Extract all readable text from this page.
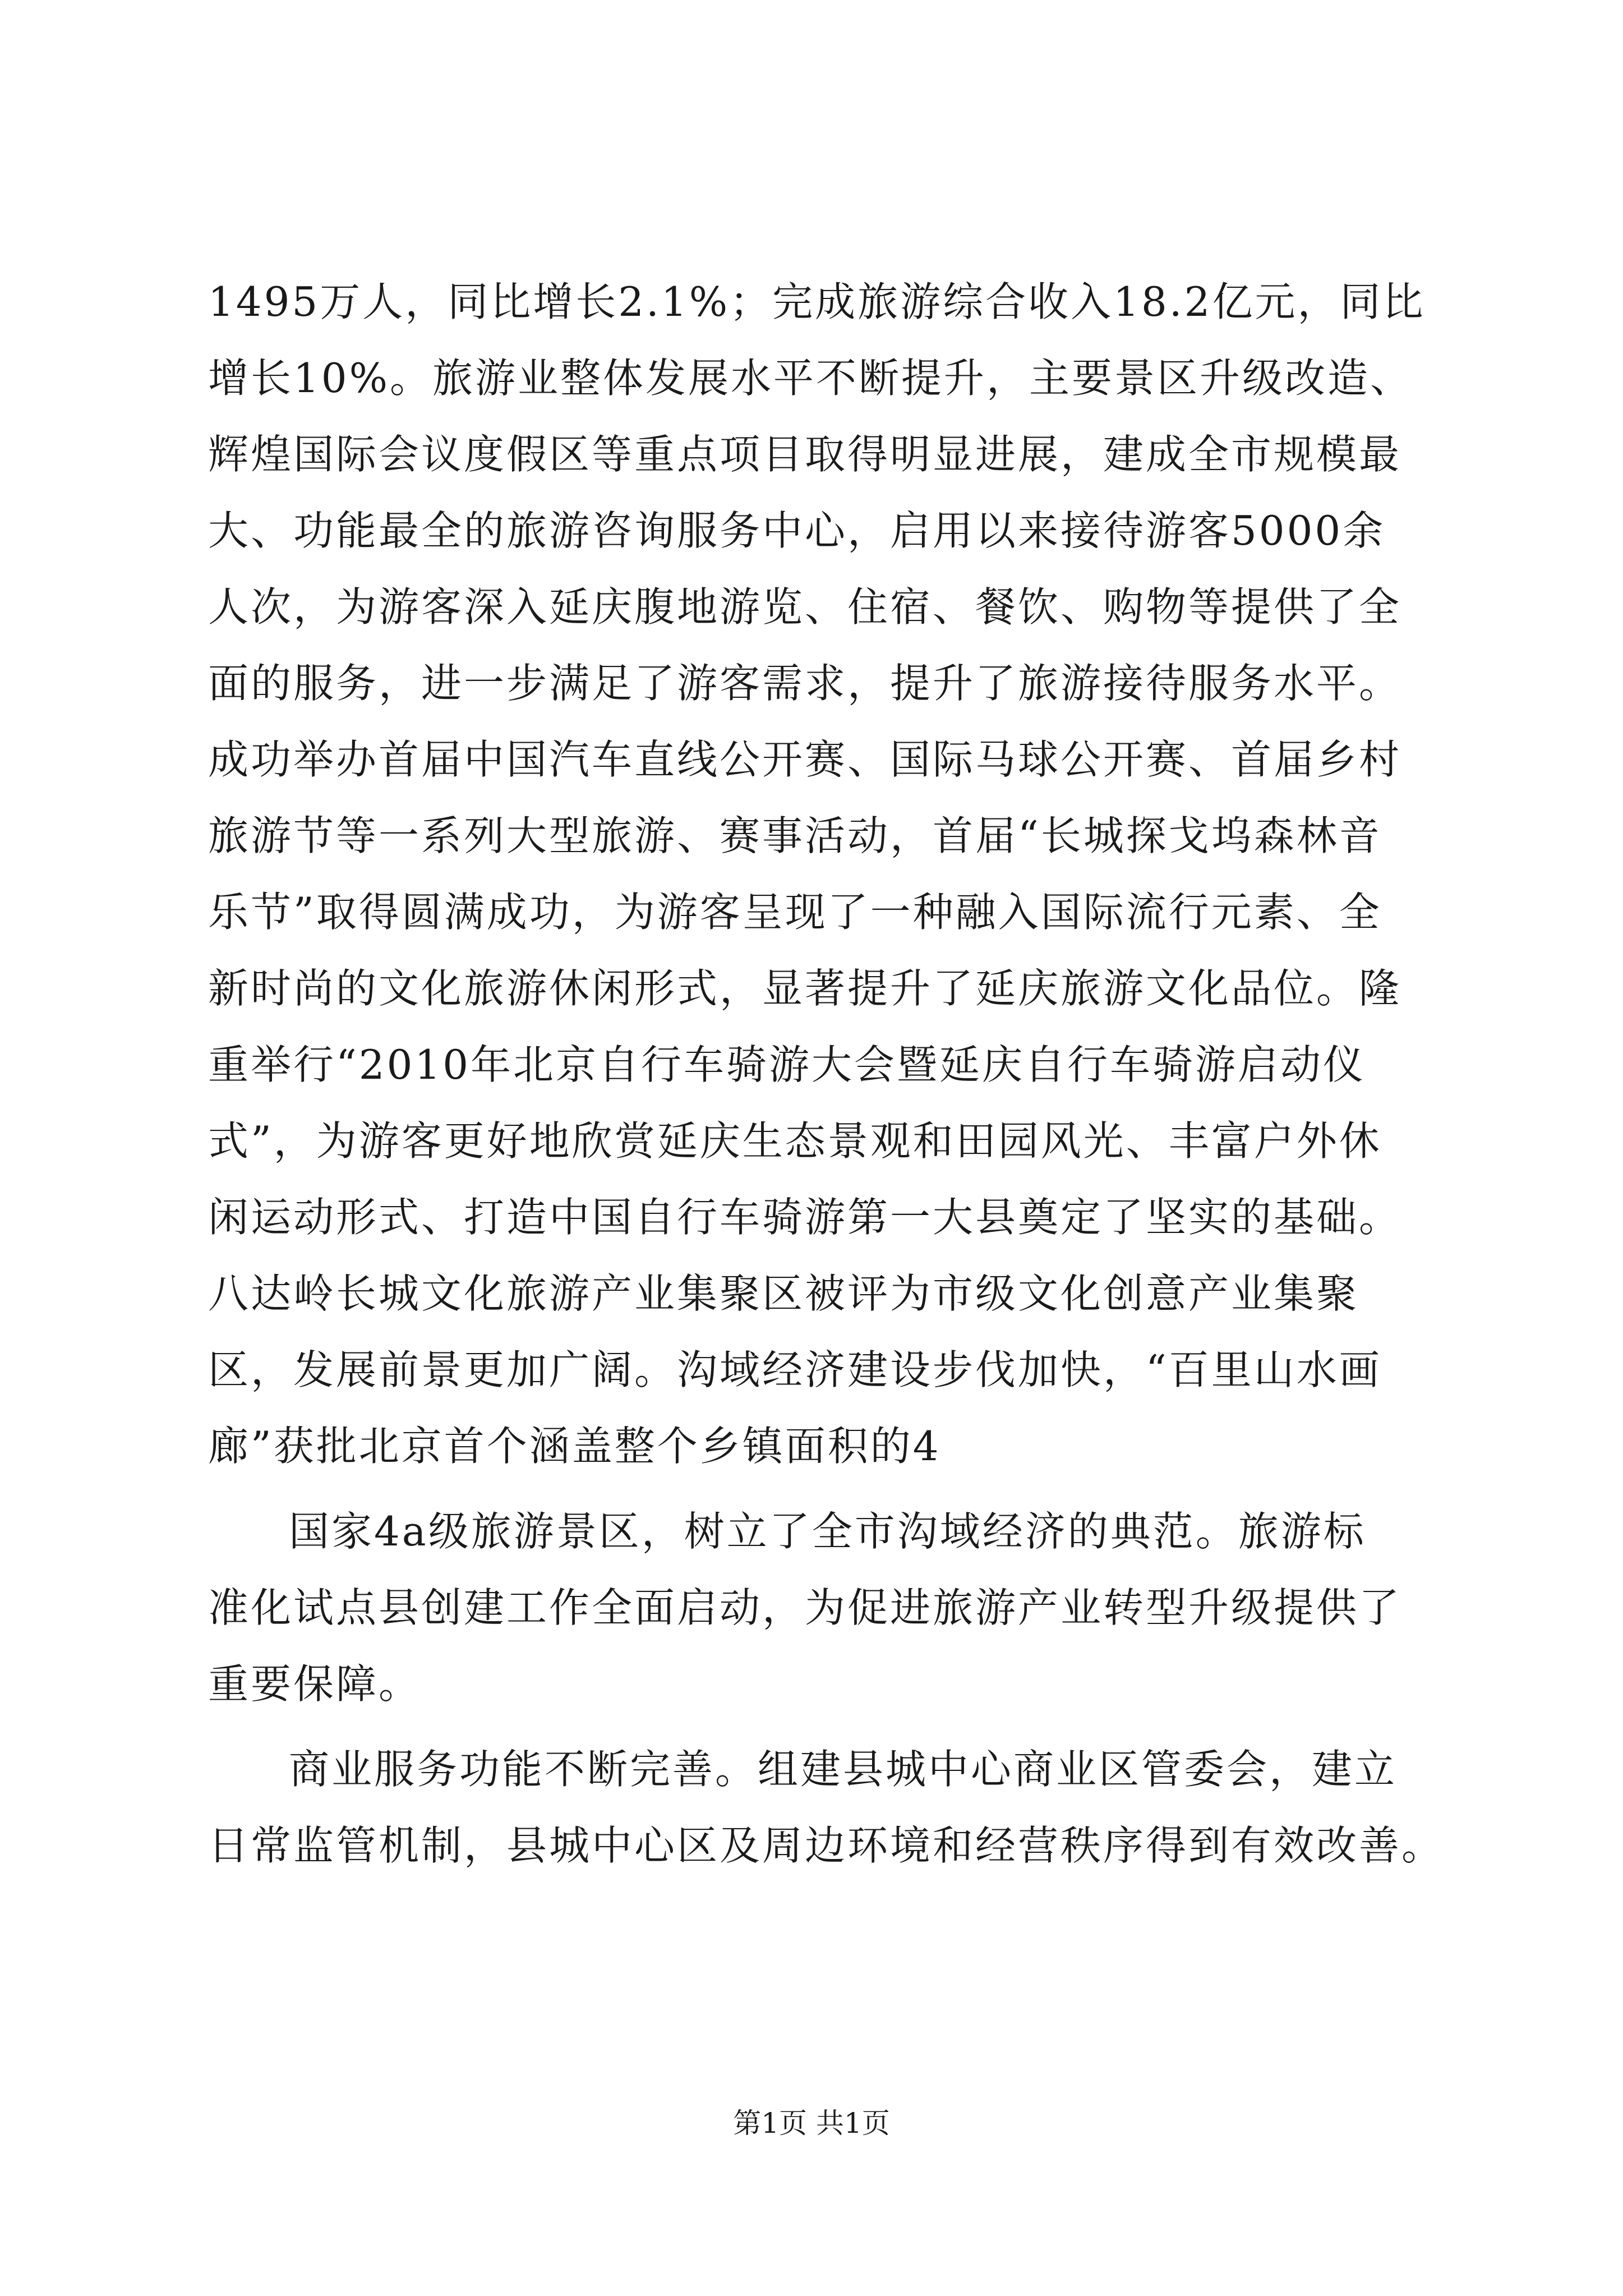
1495万人，同比增长2.1%；完成旅游综合收入18.2亿元，同比
增长10%。旅游业整体发展水平不断提升，主要景区升级改造、
辉煌国际会议度假区等重点项目取得明显进展，建成全市规模最
大、功能最全的旅游咨询服务中心，启用以来接待游客5000余
人次，为游客深入延庆腹地游览、住宿、餐饮、购物等提供了全
面的服务，进一步满足了游客需求，提升了旅游接待服务水平。
成功举办首届中国汽车直线公开赛、国际马球公开赛、首届乡村
旅游节等一系列大型旅游、赛事活动，首届“长城探戈坞森林音
乐节”取得圆满成功，为游客呈现了一种融入国际流行元素、全
新时尚的文化旅游休闲形式，显著提升了延庆旅游文化品位。隆
重举行“2010年北京自行车骑游大会暨延庆自行车骑游启动仪
式”，为游客更好地欣赏延庆生态景观和田园风光、丰富户外休
闲运动形式、打造中国自行车骑游第一大县奠定了坚实的基础。
八达岭长城文化旅游产业集聚区被评为市级文化创意产业集聚
区，发展前景更加广阔。沟域经济建设步伐加快，“百里山水画
廊”获批北京首个涵盖整个乡镇面积的4
国家4a级旅游景区，树立了全市沟域经济的典范。旅游标
准化试点县创建工作全面启动，为促进旅游产业转型升级提供了
重要保障。
商业服务功能不断完善。组建县城中心商业区管委会，建立
日常监管机制，县城中心区及周边环境和经营秩序得到有效改善。
第1页 共1页
